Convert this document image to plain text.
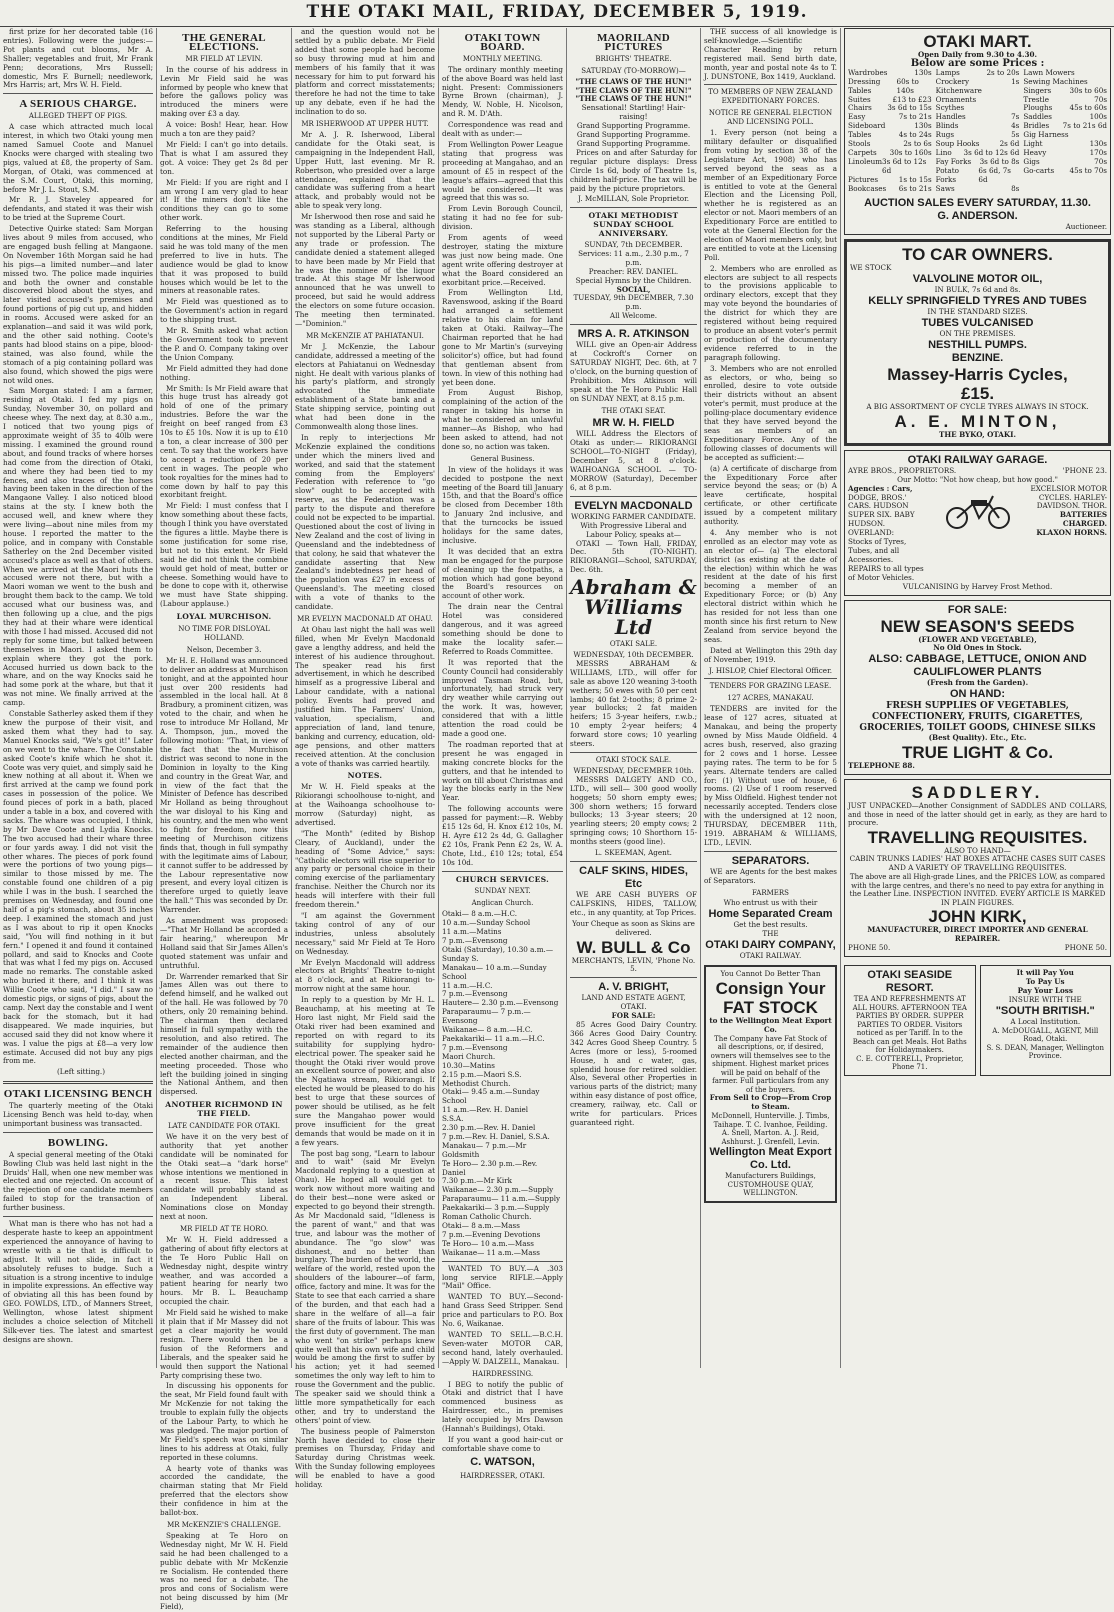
THE OTAKI MAIL, FRIDAY, DECEMBER 5, 1919.

first prize for her decorated table (16 entries). Following were the judges:— Pot plants and cut blooms, Mr A. Shaller; vegetables and fruit, Mr Frank Penn; decorations, Mrs Russell; domestic, Mrs F. Burnell; needlework, Mrs Harris; art, Mrs W. H. Field.

A SERIOUS CHARGE.
ALLEGED THEFT OF PIGS.

A case which attracted much local interest, in which two Otaki young men named Samuel Coote and Manuel Knocks were charged with stealing two pigs, valued at £8, the property of Sam. Morgan, of Otaki, was commenced at the S.M. Court, Otaki, this morning, before Mr J. L. Stout, S.M.

Mr R. J. Staveley appeared for defendants, and stated it was their wish to be tried at the Supreme Court.

Detective Quirke stated: Sam Morgan lives about 9 miles from accused, who are engaged bush felling at Mangaone. On November 16th Morgan said he had his pigs—a limited number—and later missed two. The police made inquiries and both the owner and constable discovered blood about the styes, and later visited accused's premises and found portions of pig cut up, and hidden in rooms. Accused were asked for an explanation—and said it was wild pork, and the other said nothing. Coote's pants had blood stains on a pipe, blood-stained, was also found, while the stomach of a pig containing pollard was also found, which showed the pigs were not wild ones.

Sam Morgan stated: I am a farmer, residing at Otaki. I fed my pigs on Sunday, November 30, on pollard and cheese whey. The next day, at 8.30 a.m., I noticed that two young pigs of approximate weight of 35 to 40lb were missing. I examined the ground round about, and found tracks of where horses had come from the direction of Otaki, and where they had been tied to my fences, and also traces of the horses having been taken in the direction of the Mangaone Valley. I also noticed blood stains at the sty. I knew both the accused well, and knew where they were living—about nine miles from my house. I reported the matter to the police, and in company with Constable Satherley on the 2nd December visited accused's place as well as that of others. When we arrived at the Maori huts the accused were not there, but with a Maori woman we went to the bush and brought them back to the camp. We told accused what our business was, and then following up a clue, and the pigs they had at their whare were identical with those I had missed. Accused did not reply for some time, but talked between themselves in Maori. I asked them to explain where they got the pork. Accused hurried us down back to the whare, and on the way Knocks said he had some pork at the whare, but that it was not mine. We finally arrived at the camp.

Constable Satherley asked them if they knew the purpose of their visit, and asked them what they had to say. Manuel Knocks said, "We's got it!" Later on we went to the whare. The Constable asked Coote's knife which he shot it. Coote was very quiet, and simply said he knew nothing at all about it. When we first arrived at the camp we found pork cases in possession of the police. We found pieces of pork in a bath, placed under a table in a box, and covered with sacks. The whare was occupied, I think, by Mr Dave Coote and Lydia Knocks. The two accused had their whare three or four yards away. I did not visit the other whares. The pieces of pork found were the portions of two young pigs—similar to those missed by me. The constable found one children of a pig while I was in the bush. I searched the premises on Wednesday, and found one half of a pig's stomach, about 35 inches deep. I examined the stomach and just as I was about to rip it open Knocks said, "You will find nothing in it but fern." I opened it and found it contained pollard, and said to Knocks and Coote that was what I fed my pigs on. Accused made no remarks. The constable asked who buried it there, and I think it was Willie Coote who said, "I did." I saw no domestic pigs, or signs of pigs, about the camp. Next day the constable and I went back for the stomach, but it had disappeared. We made inquiries, but accused said they did not know where it was. I value the pigs at £8—a very low estimate. Accused did not buy any pigs from me.

(Left sitting.)

OTAKI LICENSING BENCH

The quarterly meeting of the Otaki Licensing Bench was held to-day, when unimportant business was transacted.

BOWLING.

A special general meeting of the Otaki Bowling Club was held last night in the Druids' Hall, when one new member was elected and one rejected. On account of the rejection of one candidate members failed to stop for the transaction of further business.

What man is there who has not had a desperate haste to keep an appointment experienced the annoyance of having to wrestle with a tie that is difficult to adjust. It will not slide, in fact it absolutely refuses to budge. Such a situation is a strong incentive to indulge in impolite expressions. An effective way of obviating all this has been found by GEO. FOWLDS, LTD., of Manners Street, Wellington, whose latest shipment includes a choice selection of Mitchell Silk-ever ties. The latest and smartest designs are shown.

THE GENERAL ELECTIONS.
MR FIELD AT LEVIN.

In the course of his address in Levin Mr Field said he was informed by people who knew that before the gallows policy was introduced the miners were making over £3 a day.

A voice: Bosh! Hear, hear. How much a ton are they paid?

Mr Field: I can't go into details. That is what I am assured they got. A voice: They get 2s 8d per ton.

Mr Field: If you are right and I am wrong I am very glad to hear it! If the miners don't like the conditions they can go to some other work.

Referring to the housing conditions at the mines, Mr Field said he was told many of the men preferred to live in huts. The audience would be glad to know that it was proposed to build houses which would be let to the miners at reasonable rates.

Mr Field was questioned as to the Government's action in regard to the shipping trust.

Mr R. Smith asked what action the Government took to prevent the P. and O. Company taking over the Union Company.

Mr Field admitted they had done nothing.

Mr Smith: Is Mr Field aware that this huge trust has already got hold of one of the primary industries. Before the war the freight on beef ranged from £3 10s to £5 10s. Now it is up to £10 a ton, a clear increase of 300 per cent. To say that the workers have to accept a reduction of 20 per cent in wages. The people who took royalties for the mines had to come down by half to pay this exorbitant freight.

Mr Field: I must confess that I know something about these facts, though I think you have overstated the figures a little. Maybe there is some justification for some rise, but not to this extent. Mr Field said he did not think the combine would get hold of meat, butter or cheese. Something would have to be done to cope with it, otherwise we must have State shipping. (Labour applause.)

LOYAL MURCHISON.
NO TIME FOR DISLOYAL HOLLAND.
Nelson, December 3.

Mr H. E. Holland was announced to deliver an address at Murchison tonight, and at the appointed hour just over 200 residents had assembled in the local hall. At 8 Bradbury, a prominent citizen, was voted to the chair, and when he rose to introduce Mr Holland, Mr A. Thompson, jun., moved the following motion: "That, in view of the fact that the Murchison district was second to none in the Dominion in loyalty to the King and country in the Great War, and in view of the fact that the Minister of Defence has described Mr Holland as being throughout the war disloyal to his King and his country, and the men who went to fight for freedom, now this meeting of Murchison citizens finds that, though in full sympathy with the legitimate aims of Labour, it cannot suffer to be addressed by the Labour representative now present, and every loyal citizen is therefore urged to quietly leave the hall." This was seconded by Dr. Warrender.

As amendment was proposed:—"That Mr Holland be accorded a fair hearing," whereupon Mr Holland said that Sir James Allen's quoted statement was unfair and untruthful.

Dr. Warrender remarked that Sir James Allen was out there to defend himself, and he walked out of the hall. He was followed by 70 others, only 20 remaining behind. The chairman then declared himself in full sympathy with the resolution, and also retired. The remainder of the audience then elected another chairman, and the meeting proceeded. Those who left the building joined in singing the National Anthem, and then dispersed.

ANOTHER RICHMOND IN THE FIELD.
LATE CANDIDATE FOR OTAKI.

We have it on the very best of authority that yet another candidate will be nominated for the Otaki seat—a "dark horse" whose intentions we mentioned in a recent issue. This latest candidate will probably stand as an Independent Liberal. Nominations close on Monday next at noon.

MR FIELD AT TE HORO.

Mr W. H. Field addressed a gathering of about fifty electors at the Te Horo Public Hall on Wednesday night, despite wintry weather, and was accorded a patient hearing for nearly two hours. Mr B. L. Beauchamp occupied the chair.

Mr Field said he wished to make it plain that if Mr Massey did not get a clear majority he would resign. There would then be a fusion of the Reformers and Liberals, and the speaker said he would then support the National Party comprising these two.

In discussing his opponents for the seat, Mr Field found fault with Mr McKenzie for not taking the trouble to explain fully the objects of the Labour Party, to which he was pledged. The major portion of Mr Field's speech was on similar lines to his address at Otaki, fully reported in these columns.

A hearty vote of thanks was accorded the candidate, the chairman stating that Mr Field preferred that the electors show their confidence in him at the ballot-box.

MR McKENZIE'S CHALLENGE.

Speaking at Te Horo on Wednesday night, Mr W. H. Field said he had been challenged to a public debate with Mr McKenzie re Socialism. He contended there was no need for a debate. The pros and cons of Socialism were not being discussed by him (Mr Field),

and the question would not be settled by a public debate. Mr Field added that some people had become so busy throwing mud at him and members of his family that it was necessary for him to put forward his platform and correct misstatements; therefore he had not the time to take up any debate, even if he had the inclination to do so.

MR ISHERWOOD AT UPPER HUTT.

Mr A. J. R. Isherwood, Liberal candidate for the Otaki seat, is campaigning in the Independent Hall, Upper Hutt, last evening. Mr R. Robertson, who presided over a large attendance, explained that the candidate was suffering from a heart attack, and probably would not be able to speak very long.

Mr Isherwood then rose and said he was standing as a Liberal, although not supported by the Liberal Party or any trade or profession. The candidate denied a statement alleged to have been made by Mr Field that he was the nominee of the liquor trade. At this stage Mr Isherwood announced that he was unwell to proceed, but said he would address the electors on some future occasion. The meeting then terminated.—"Dominion."

MR McKENZIE AT PAHIATANUI.

Mr J. McKenzie, the Labour candidate, addressed a meeting of the electors at Pahiatanui on Wednesday night. He dealt with various planks of his party's platform, and strongly advocated the immediate establishment of a State bank and a State shipping service, pointing out what had been done in the Commonwealth along those lines.

In reply to interjections Mr McKenzie explained the conditions under which the miners lived and worked, and said that the statement coming from the Employers' Federation with reference to "go slow" ought to be accepted with reserve, as the Federation was a party to the dispute and therefore could not be expected to be impartial. Questioned about the cost of living in New Zealand and the cost of living in Queensland and the indebtedness of that colony, he said that whatever the candidate asserting that New Zealand's indebtedness per head of the population was £27 in excess of Queensland's. The meeting closed with a vote of thanks to the candidate.

MR EVELYN MACDONALD AT OHAU.

At Ohau last night the hall was well filled, when Mr Evelyn Macdonald gave a lengthy address, and held the interest of his audience throughout. The speaker read his first advertisement, in which he described himself as a progressive Liberal and Labour candidate, with a national policy. Events had proved and justified him. The Farmers' Union, valuation, specialism, and appreciation of land, land tenure, banking and currency, education, old-age pensions, and other matters received attention. At the conclusion a vote of thanks was carried heartily.

NOTES.

Mr W. H. Field speaks at the Rikiorangi schoolhouse to-night, and at the Waihoanga schoolhouse to-morrow (Saturday) night, as advertised.

"The Month" (edited by Bishop Cleary, of Auckland), under the heading of "Some Advice," says: "Catholic electors will rise superior to any party or personal choice in their coming exercise of the parliamentary franchise. Neither the Church nor its heads will interfere with their full freedom therein."

"I am against the Government taking control of any of our industries, unless absolutely necessary," said Mr Field at Te Horo on Wednesday.

Mr Evelyn Macdonald will address electors at Brights' Theatre to-night at 8 o'clock, and at Rikiorangi to-morrow night at the same hour.

In reply to a question by Mr H. L. Beauchamp, at his meeting at Te Horo last night, Mr Field said the Otaki river had been examined and reported on with regard to its suitability for supplying hydro-electrical power. The speaker said he thought the Otaki river would prove an excellent source of power, and also the Ngatiawa stream, Rikiorangi. If elected he would be pleased to do his best to urge that these sources of power should be utilised, as he felt sure the Mangahao power would prove insufficient for the great demands that would be made on it in a few years.

The post bag song, "Learn to labour and to wait" (said Mr Evelyn Macdonald replying to a question at Ohau). He hoped all would get to work now without more waiting and do their best—none were asked or expected to go beyond their strength. As Mr Macdonald said, "Idleness is the parent of want," and that was true, and labour was the mother of abundance. The "go slow" was dishonest, and no better than burglary. The burden of the world, the welfare of the world, rested upon the shoulders of the labourer—of farm, office, factory and mine. It was for the State to see that each carried a share of the burden, and that each had a share in the welfare of all—a fair share of the fruits of labour. This was the first duty of government. The man who went "on strike" perhaps knew quite well that his own wife and child would be among the first to suffer by his action; yet it had seemed sometimes the only way left to him to rouse the Government and the public. The speaker said we should think a little more sympathetically for each other, and try to understand the others' point of view.

The business people of Palmerston North have decided to close their premises on Thursday, Friday and Saturday during Christmas week. With the Sunday following employees will be enabled to have a good holiday.

OTAKI TOWN BOARD.
MONTHLY MEETING.

The ordinary monthly meeting of the above Board was held last night. Present: Commissioners Byrne Brown (chairman), J. Mendy, W. Noble, H. Nicolson, and R. M. D'Ath.

Correspondence was read and dealt with as under:—

From Wellington Power League stating that progress was proceeding at Mangahao, and an amount of £5 in respect of the league's affairs—agreed that this would be considered.—It was agreed that this was so.

From Levin Borough Council, stating it had no fee for sub-division.

From agents of weed destroyer, stating the mixture was just now being made. One agent write offering destroyer at what the Board considered an exorbitant price.—Received.

From Wellington Ltd, Ravenswood, asking if the Board had arranged a settlement relative to his claim for land taken at Otaki. Railway—The Chairman reported that he had gone to Mr Martin's (surveying solicitor's) office, but had found that gentleman absent from town. In view of this nothing had yet been done.

From August Bishop, complaining of the action of the ranger in taking his horse in what he considered an unlawful manner—As Bishop, who had been asked to attend, had not done so, no action was taken.

General Business.

In view of the holidays it was decided to postpone the next meeting of the Board till January 15th, and that the Board's office be closed from December 18th to January 2nd inclusive, and that the turncocks be issued holidays for the same dates, inclusive.

It was decided that an extra man be engaged for the purpose of cleaning up the footpaths, a motion which had gone beyond the Board's resources on account of other work.

The drain near the Central Hotel was considered dangerous, and it was agreed something should be done to make the locality safer.—Referred to Roads Committee.

It was reported that the County Council had considerably improved Tasman Road, but, unfortunately, had struck very dry weather while carrying out the work. It was, however, considered that with a little attention the road could be made a good one.

The roadman reported that at present he was engaged in making concrete blocks for the gutters, and that he intended to work on till about Christmas and lay the blocks early in the New Year.

The following accounts were passed for payment:—R. Webby £15 12s 6d, H. Knox £12 10s, M. H. Ayre £12 2s 4d, G. Gallagher £2 10s, Frank Penn £2 2s, W. A. Chote, Ltd., £10 12s; total, £54 10s 10d.

CHURCH SERVICES.
SUNDAY NEXT.
Anglican Church.
Otaki— 8 a.m.—H.C.
10 a.m.—Sunday School
11 a.m.—Matins
7 p.m.—Evensong
Otaki (Saturday), 10.30 a.m.—Sunday S.
Manakau— 10 a.m.—Sunday School
11 a.m.—H.C.
7 p.m.—Evensong
Hautere— 2.30 p.m.—Evensong
Paraparaumu— 7 p.m.—Evensong
Waikanae— 8 a.m.—H.C.
Paekakariki— 11 a.m.—H.C.
7 p.m.—Evensong
Maori Church.
10.30—Matins
2.15 p.m.—Maori S.S.
Methodist Church.
Otaki— 9.45 a.m.—Sunday School
11 a.m.—Rev. H. Daniel
S.S.A.
2.30 p.m.—Rev. H. Daniel
7 p.m.—Rev. H. Daniel, S.S.A.
Manakau— 7 p.m.—Mr Goldsmith
Te Horo— 2.30 p.m.—Rev. Daniel
7.30 p.m.—Mr Kirk
Waikanae— 2.30 p.m.—Supply
Paraparaumu— 11 a.m.—Supply
Paekakariki— 3 p.m.—Supply
Roman Catholic Church.
Otaki— 8 a.m.—Mass
7 p.m.—Evening Devotions
Te Horo— 10 a.m.—Mass
Waikanae— 11 a.m.—Mass

WANTED TO BUY.—A .303 long service RIFLE.—Apply "Mail" Office.

WANTED TO BUY.—Second-hand Grass Seed Stripper. Send price and particulars to P.O. Box No. 6, Waikanae.

WANTED TO SELL.—B.C.H. Seven-water MOTOR CAR, second hand, lately overhauled.—Apply W. DALZELL, Manakau.

HAIRDRESSING.

I BEG to notify the public of Otaki and district that I have commenced business as Hairdresser, etc., in premises lately occupied by Mrs Dawson (Hannah's Buildings), Otaki.

If you want a good hair-cut or comfortable shave come to

C. WATSON,
HAIRDRESSER, OTAKI.
MAORILAND PICTURES
BRIGHTS' THEATRE.
SATURDAY (TO-MORROW)—
"THE CLAWS OF THE HUN!"
"THE CLAWS OF THE HUN!"
"THE CLAWS OF THE HUN!"
Sensational! Startling! Hair-raising!
Grand Supporting Programme.
Grand Supporting Programme.
Grand Supporting Programme.

Prices on and after Saturday for regular picture displays: Dress Circle 1s 6d, body of Theatre 1s, children half-price. The tax will be paid by the picture proprietors.

J. McMILLAN, Sole Proprietor.
OTAKI METHODIST SUNDAY SCHOOL ANNIVERSARY.
SUNDAY, 7th DECEMBER.
Services: 11 a.m., 2.30 p.m., 7 p.m.
Preacher: REV. DANIEL.
Special Hymns by the Children.
SOCIAL,
TUESDAY, 9th DECEMBER, 7.30 p.m.
All Welcome.
MRS A. R. ATKINSON

WILL give an Open-air Address at Cockroft's Corner on SATURDAY NIGHT, Dec. 6th, at 7 o'clock, on the burning question of Prohibition. Mrs Atkinson will speak at the Te Horo Public Hall on SUNDAY NEXT, at 8.15 p.m.

THE OTAKI SEAT.
MR W. H. FIELD

WILL Address the Electors of Otaki as under:— RIKIORANGI SCHOOL—TO-NIGHT (Friday), December 5, at 8 o'clock. WAIHOANGA SCHOOL — TO-MORROW (Saturday), December 6, at 8 p.m.

EVELYN MACDONALD
WORKING FARMER CANDIDATE. With Progressive Liberal and Labour Policy, speaks at—

OTAKI — Town Hall, FRIDAY, Dec. 5th (TO-NIGHT). RIKIORANGI—School, SATURDAY, Dec. 6th.

Abraham & Williams Ltd
OTAKI SALE.
WEDNESDAY, 10th DECEMBER.

MESSRS ABRAHAM & WILLIAMS, LTD., will offer for sale as above 120 weaning 3-tooth wethers; 50 ewes with 50 per cent lambs; 40 fat 2-tooths; 8 prime 2-year bullocks; 2 fat maiden heifers; 15 3-year heifers, r.w.b.; 10 empty 2-year heifers; 4 forward store cows; 10 yearling steers.

OTAKI STOCK SALE.
WEDNESDAY, DECEMBER 10th.

MESSRS DALGETY AND CO., LTD., will sell— 300 good woolly hoggets; 50 shorn empty ewes; 300 shorn wethers; 15 forward bullocks; 13 3-year steers; 20 yearling steers; 20 empty cows; 2 springing cows; 10 Shorthorn 15-months steers (good line).

L. SKEEMAN, Agent.
CALF SKINS, HIDES, Etc

WE ARE CASH BUYERS OF CALFSKINS, HIDES, TALLOW, etc., in any quantity, at Top Prices.

Your Cheque as soon as Skins are delivered.
W. BULL & Co
MERCHANTS, LEVIN, 'Phone No. 5.
A. V. BRIGHT,
LAND AND ESTATE AGENT, OTAKI.
FOR SALE:

85 Acres Good Dairy Country. 366 Acres Good Dairy Country. 342 Acres Good Sheep Country. 5 Acres (more or less), 5-roomed House, h and c water, gas, splendid house for retired soldier. Also, Several other Properties in various parts of the district; many within easy distance of post office, creamery, railway, etc. Call or write for particulars. Prices guaranteed right.

THE success of all knowledge is self-knowledge.—Scientific Character Reading by return registered mail. Send birth date, month, year and postal note 4s to T. J. DUNSTONE, Box 1419, Auckland.

TO MEMBERS OF NEW ZEALAND EXPEDITIONARY FORCES.
NOTICE RE GENERAL ELECTION AND LICENSING POLL.

1. Every person (not being a military defaulter or disqualified from voting by section 38 of the Legislature Act, 1908) who has served beyond the seas as a member of an Expeditionary Force is entitled to vote at the General Election and the Licensing Poll, whether he is registered as an elector or not. Maori members of an Expeditionary Force are entitled to vote at the General Election for the election of Maori members only, but are entitled to vote at the Licensing Poll.

2. Members who are enrolled as electors are subject to all respects to the provisions applicable to ordinary electors, except that they may vote beyond the boundaries of the district for which they are registered without being required to produce an absent voter's permit or production of the documentary evidence referred to in the paragraph following.

3. Members who are not enrolled as electors, or who, being so enrolled, desire to vote outside their districts without an absent voter's permit, must produce at the polling-place documentary evidence that they have served beyond the seas as members of an Expeditionary Force. Any of the following classes of documents will be accepted as sufficient:—

(a) A certificate of discharge from the Expeditionary Force after service beyond the seas; or (b) A leave certificate, hospital certificate, or other certificate issued by a competent military authority.

4. Any member who is not enrolled as an elector may vote as an elector of— (a) The electoral district (as existing at the date of the election) within which he was resident at the date of his first becoming a member of an Expeditionary Force; or (b) Any electoral district within which he has resided for not less than one month since his first return to New Zealand from service beyond the seas.

Dated at Wellington this 29th day of November, 1919.

J. HISLOP, Chief Electoral Officer.
TENDERS FOR GRAZING LEASE.
127 ACRES, MANAKAU.

TENDERS are invited for the lease of 127 acres, situated at Manakau, and being the property owned by Miss Maude Oldfield. 4 acres bush, reserved, also grazing for 2 cows and 1 horse. Lessee paying rates. The term to be for 5 years. Alternate tenders are called for: (1) Without use of house, 6 rooms. (2) Use of 1 room reserved by Miss Oldfield. Highest tender not necessarily accepted. Tenders close with the undersigned at 12 noon, THURSDAY, DECEMBER 11th, 1919. ABRAHAM & WILLIAMS, LTD., LEVIN.

SEPARATORS.

WE are Agents for the best makes of Separators.

FARMERS
Who entrust us with their
Home Separated Cream
Get the best results.
THE
OTAKI DAIRY COMPANY,
OTAKI RAILWAY.
You Cannot Do Better Than
Consign Your FAT STOCK
to the Wellington Meat Export Co.
The Company have Fat Stock of all descriptions, or, if desired, owners will themselves see to the shipment. Highest market prices will be paid on behalf of the farmer. Full particulars from any of the buyers.
From Sell to Crop—From Crop to Steam.
McDonnell, Hunterville. J. Timbs, Taihape. T. C. Ivanhoe, Feilding. A. Snell, Marton. A. J. Reid, Ashhurst. J. Grenfell, Levin.
Wellington Meat Export Co. Ltd.
Manufacturers Buildings, CUSTOMHOUSE QUAY, WELLINGTON.
OTAKI MART.
Open Daily from 9.30 to 4.30.
Below are some Prices :
Wardrobes	130s
Dressing Tables
60s to 140s
Suites	£13 to £23
Chairs 3s 6d to 15s
Easy	7s to 21s
Sideboard	130s
Tables	4s to 24s
Stools	2s to 6s
Carpets 30s to 160s
Linoleum 3s 6d to 12s 6d
Pictures	1s to 15s
Bookcases 6s to 21s
Lamps	2s to 20s
Crockery	1s
Kitchenware
Ornaments
Scythes
Handles	7s
Blinds	4s
Rugs	5s
Soup Hooks	2s 6d
Lino 3s 6d to 12s 6d
Fay Forks 3s 6d to 8s
Potato Forks
6s 6d, 7s 6d
Saws	8s
Lawn Mowers
Sewing Machines
Singers	30s to 60s
Trestle	70s
Ploughs 45s to 60s
Saddles	100s
Bridles 7s to 21s 6d
Gig Harness
Light	130s
Heavy	170s
Gigs	70s
Go-carts 45s to 70s
AUCTION SALES EVERY SATURDAY, 11.30.
G. ANDERSON.
Auctioneer.
TO CAR OWNERS.
WE STOCK
VALVOLINE MOTOR OIL,
IN BULK, 7s 6d and 8s.
KELLY SPRINGFIELD TYRES AND TUBES
IN THE STANDARD SIZES.
TUBES VULCANISED
ON THE PREMISES.
NESTHILL PUMPS.
BENZINE.
Massey-Harris Cycles,
£15.
A BIG ASSORTMENT OF CYCLE TYRES ALWAYS IN STOCK.
A. E. MINTON,
THE BYKO, OTAKI.
OTAKI RAILWAY GARAGE.
AYRE BROS., PROPRIETORS.	'PHONE 23.
Our Motto: "Not how cheap, but how good."
Agencies : Cars,
DODGE, BROS.' CARS. HUDSON SUPER SIX. BABY HUDSON. OVERLAND:
Stocks of Tyres, Tubes, and all Accessories.
REPAIRS to all types of Motor Vehicles.
EXCELSIOR MOTOR CYCLES. HARLEY-DAVIDSON. THOR.
BATTERIES CHARGED.
KLAXON HORNS.
VULCANISING by Harvey Frost Method.
FOR SALE:
NEW SEASON'S SEEDS
(FLOWER AND VEGETABLE),
No Old Ones in Stock.
ALSO: CABBAGE, LETTUCE, ONION AND CAULIFLOWER PLANTS
(Fresh from the Garden).
ON HAND:
FRESH SUPPLIES OF VEGETABLES, CONFECTIONERY, FRUITS, CIGARETTES, GROCERIES, TOILET GOODS, CHINESE SILKS
(Best Quality). Etc., Etc.
TRUE LIGHT & Co.
TELEPHONE 88.
SADDLERY.
JUST UNPACKED—Another Consignment of SADDLES AND COLLARS, and those in need of the latter should get in early, as they are hard to procure.
TRAVELLING REQUISITES.
ALSO TO HAND—
CABIN TRUNKS LADIES' HAT BOXES ATTACHE CASES SUIT CASES
AND A VARIETY OF TRAVELLING REQUISITES.
The above are all High-grade Lines, and the PRICES LOW, as compared with the large centres, and there's no need to pay extra for anything in the Leather Line. INSPECTION INVITED. EVERY ARTICLE IS MARKED IN PLAIN FIGURES.
JOHN KIRK,
MANUFACTURER, DIRECT IMPORTER AND GENERAL REPAIRER.
PHONE 50.	PHONE 50.
OTAKI SEASIDE RESORT.
TEA AND REFRESHMENTS AT ALL HOURS. AFTERNOON TEA PARTIES BY ORDER. SUPPER PARTIES TO ORDER. Visitors noticed as per Tariff. In to the Beach can get Meals. Hot Baths for Holidaymakers.
C. E. COTTERELL, Proprietor, Phone 71.
It will Pay You
To Pay Us
Pay Your Loss
INSURE WITH THE
"SOUTH BRITISH."
A Local Institution.
A. McDOUGALL, AGENT, Mill Road, Otaki.
S. S. DEAN, Manager, Wellington Province.
